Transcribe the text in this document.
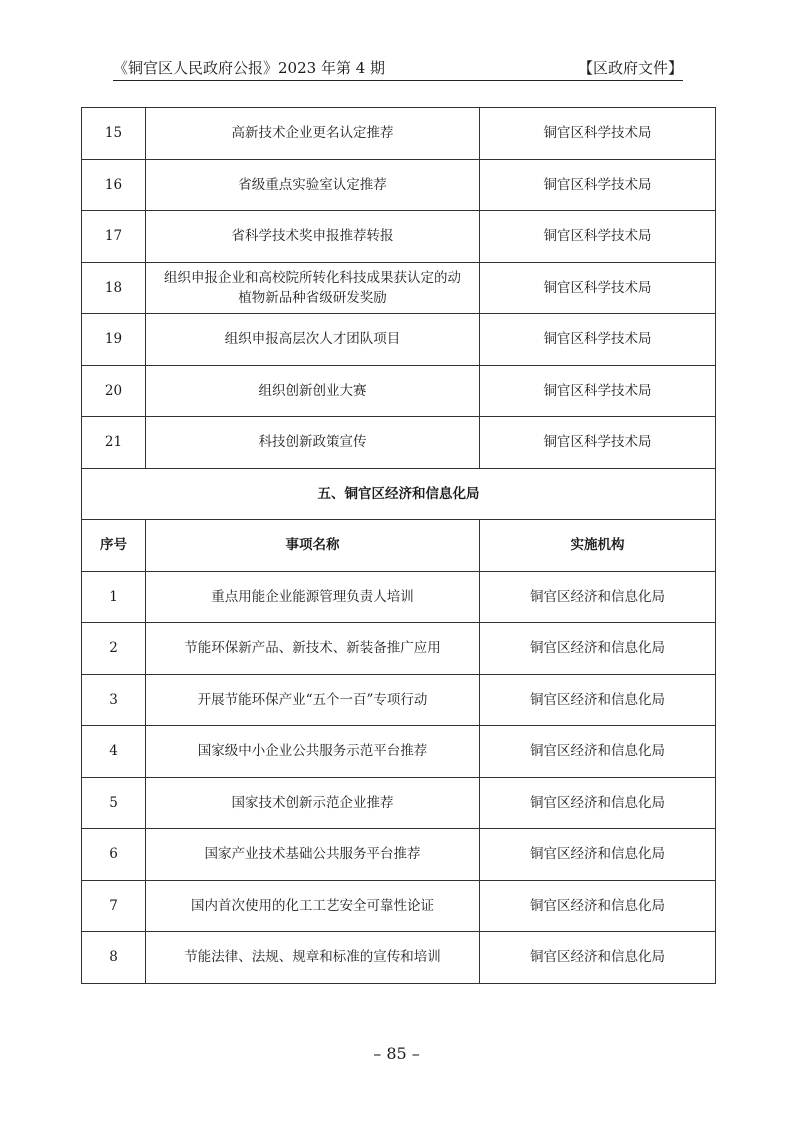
《铜官区人民政府公报》2023 年第 4 期	【区政府文件】
15	高新技术企业更名认定推荐	铜官区科学技术局
16	省级重点实验室认定推荐	铜官区科学技术局
17	省科学技术奖申报推荐转报	铜官区科学技术局
18	组织申报企业和高校院所转化科技成果获认定的动植物新品种省级研发奖励	铜官区科学技术局
19	组织申报高层次人才团队项目	铜官区科学技术局
20	组织创新创业大赛	铜官区科学技术局
21	科技创新政策宣传	铜官区科学技术局
五、铜官区经济和信息化局		
序号	事项名称	实施机构
1	重点用能企业能源管理负责人培训	铜官区经济和信息化局
2	节能环保新产品、新技术、新装备推广应用	铜官区经济和信息化局
3	开展节能环保产业“五个一百”专项行动	铜官区经济和信息化局
4	国家级中小企业公共服务示范平台推荐	铜官区经济和信息化局
5	国家技术创新示范企业推荐	铜官区经济和信息化局
6	国家产业技术基础公共服务平台推荐	铜官区经济和信息化局
7	国内首次使用的化工工艺安全可靠性论证	铜官区经济和信息化局
8	节能法律、法规、规章和标准的宣传和培训	铜官区经济和信息化局
– 85 –
